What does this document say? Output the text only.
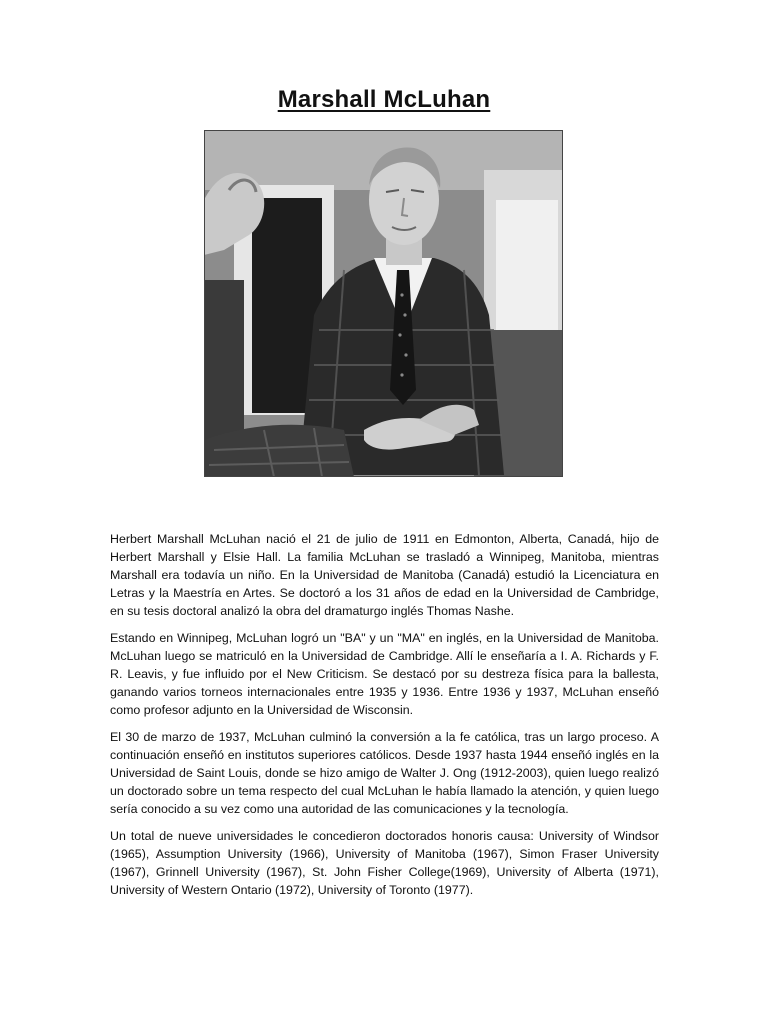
Marshall McLuhan

Herbert Marshall McLuhan nació el 21 de julio de 1911 en Edmonton, Alberta, Canadá, hijo de Herbert Marshall y Elsie Hall. La familia McLuhan se trasladó a Winnipeg, Manitoba, mientras Marshall era todavía un niño. En la Universidad de Manitoba (Canadá) estudió la Licenciatura en Letras y la Maestría en Artes. Se doctoró a los 31 años de edad en la Universidad de Cambridge, en su tesis doctoral analizó la obra del dramaturgo inglés Thomas Nashe.

Estando en Winnipeg, McLuhan logró un "BA" y un "MA" en inglés, en la Universidad de Manitoba. McLuhan luego se matriculó en la Universidad de Cambridge. Allí le enseñaría a I. A. Richards y F. R. Leavis, y fue influido por el New Criticism. Se destacó por su destreza física para la ballesta, ganando varios torneos internacionales entre 1935 y 1936. Entre 1936 y 1937, McLuhan enseñó como profesor adjunto en la Universidad de Wisconsin.

El 30 de marzo de 1937, McLuhan culminó la conversión a la fe católica, tras un largo proceso. A continuación enseñó en institutos superiores católicos. Desde 1937 hasta 1944 enseñó inglés en la Universidad de Saint Louis, donde se hizo amigo de Walter J. Ong (1912-2003), quien luego realizó un doctorado sobre un tema respecto del cual McLuhan le había llamado la atención, y quien luego sería conocido a su vez como una autoridad de las comunicaciones y la tecnología.

Un total de nueve universidades le concedieron doctorados honoris causa: University of Windsor (1965), Assumption University (1966), University of Manitoba (1967), Simon Fraser University (1967), Grinnell University (1967), St. John Fisher College(1969), University of Alberta (1971), University of Western Ontario (1972), University of Toronto (1977).
